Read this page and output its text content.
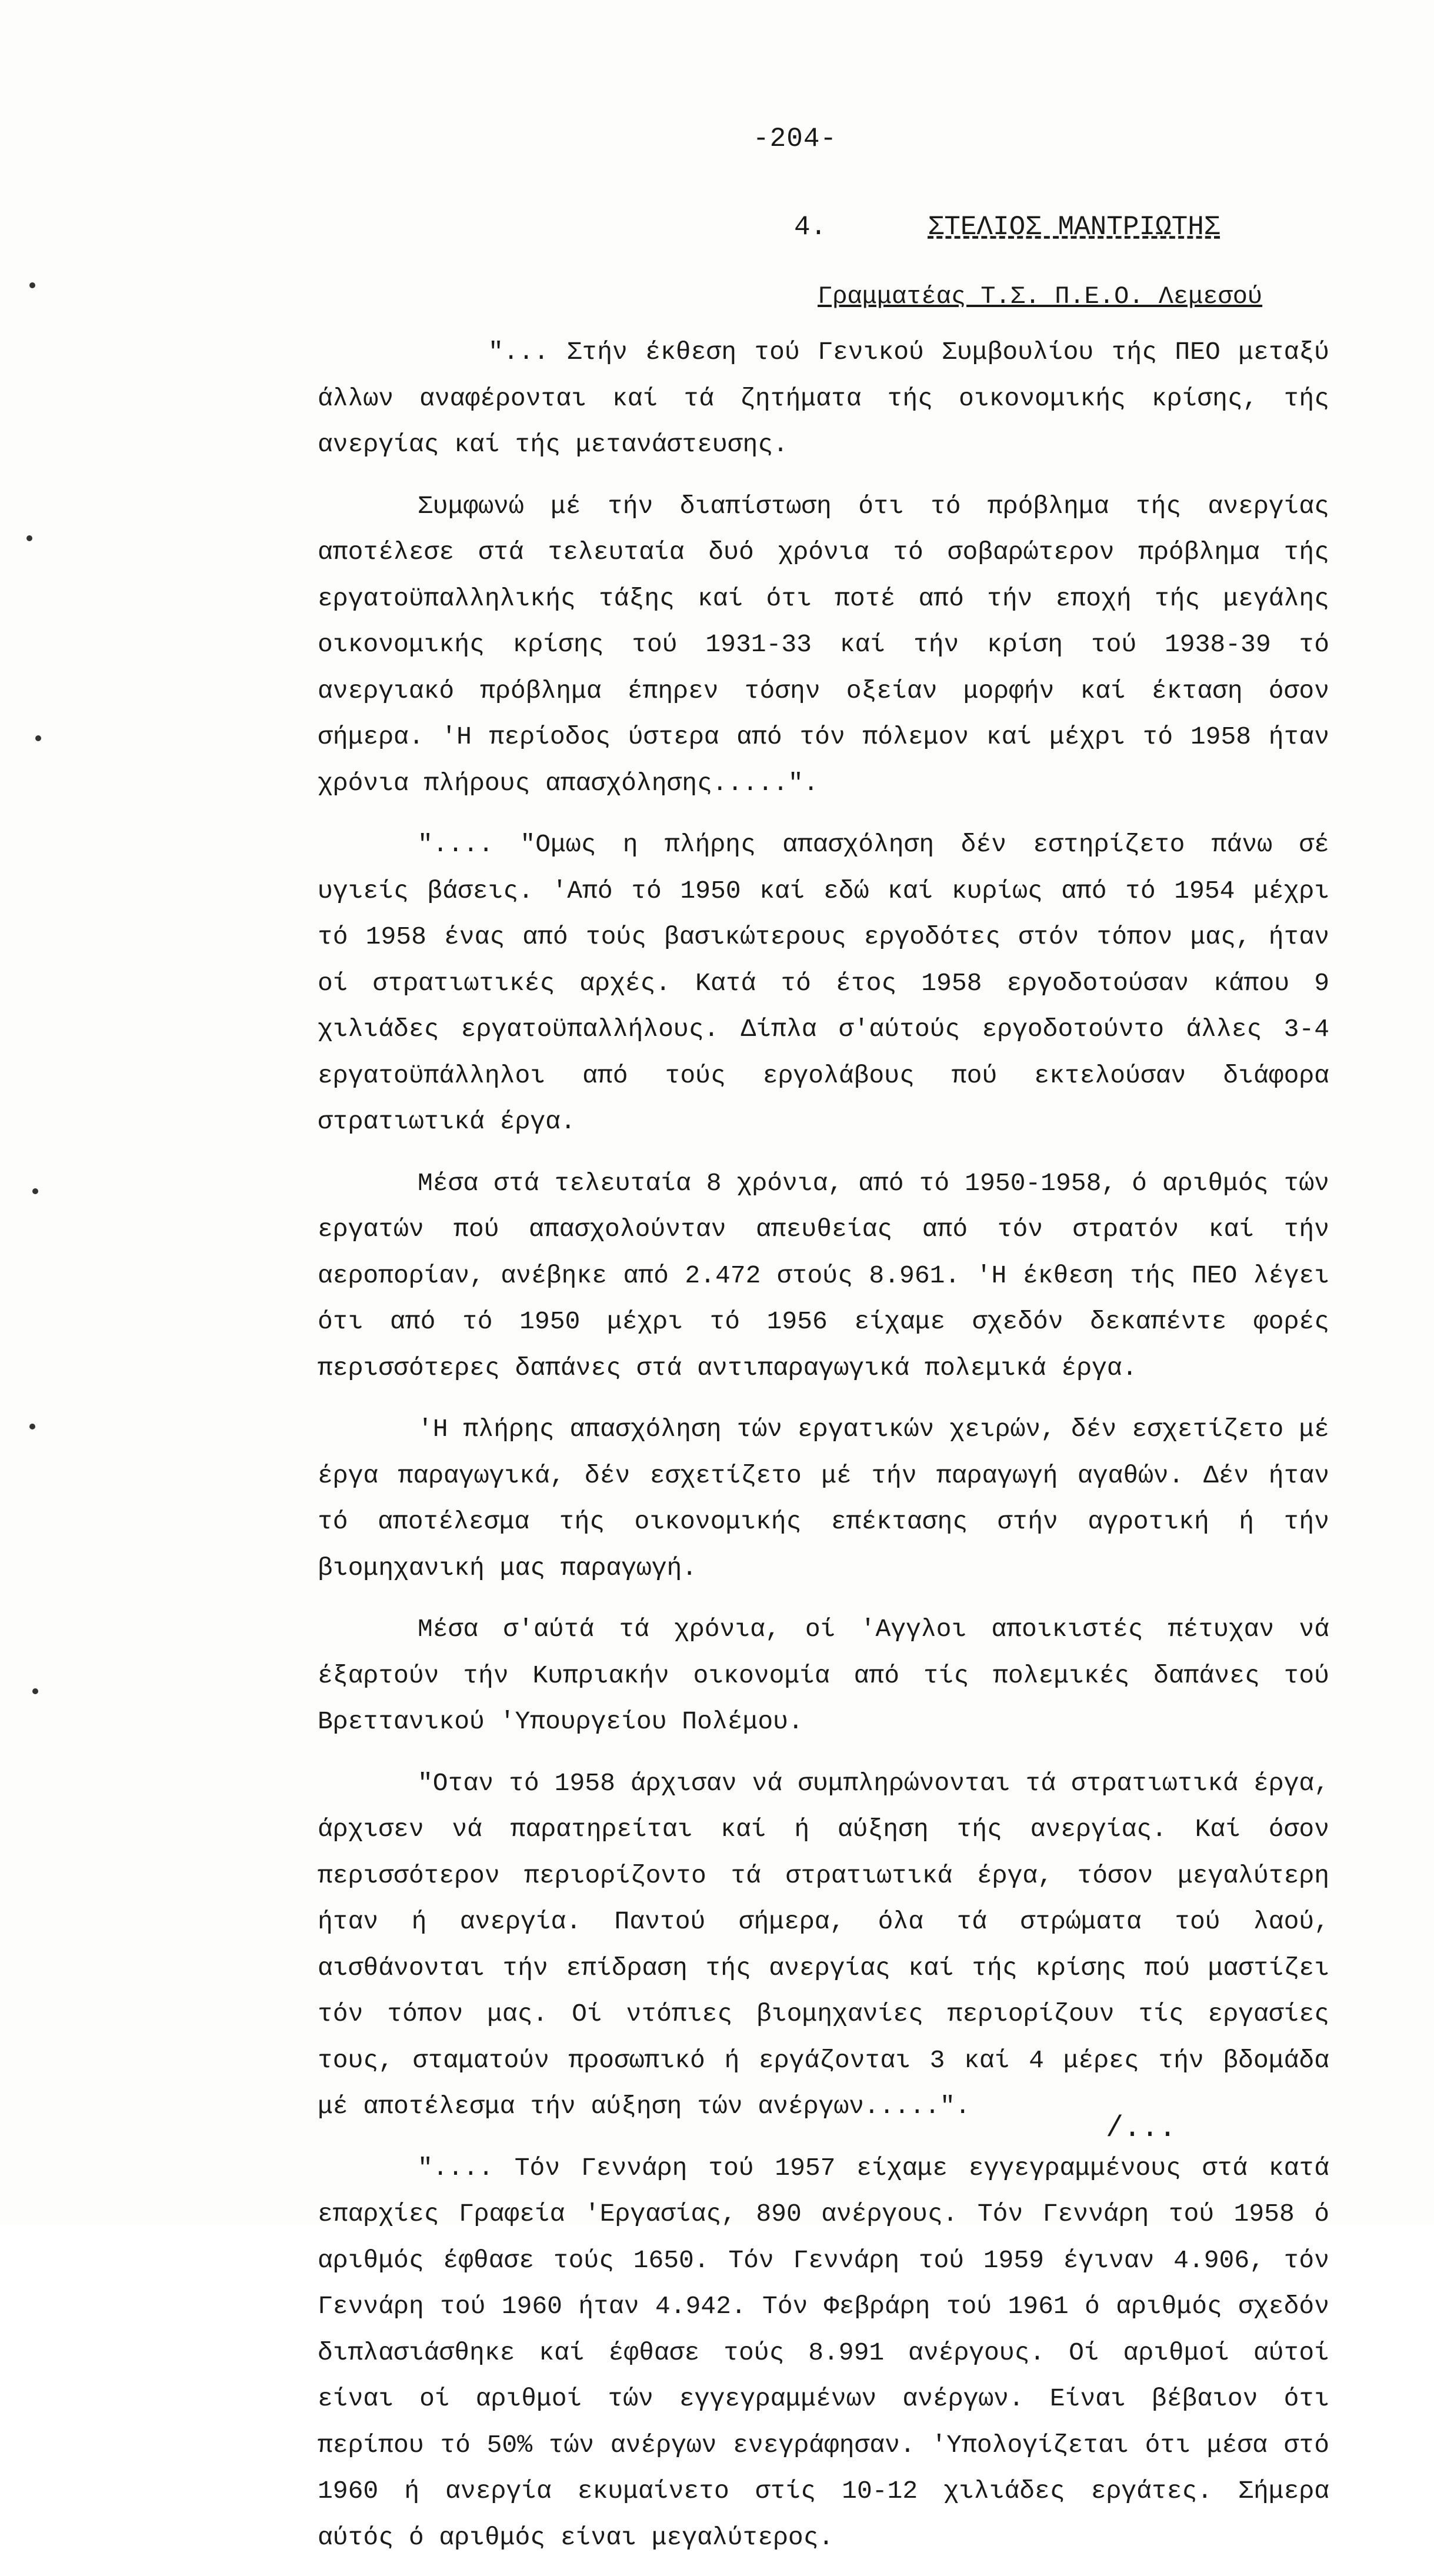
-204-
4.	ΣΤΕΛΙΟΣ ΜΑΝΤΡΙΩΤΗΣ
Γραμματέας Τ.Σ. Π.Ε.Ο. Λεμεσού

"... Στήν έκθεση τού Γενικού Συμβουλίου τής ΠΕΟ μεταξύ άλλων αναφέρονται καί τά ζητήματα τής οικονομικής κρίσης, τής ανεργίας καί τής μετανάστευσης.

Συμφωνώ μέ τήν διαπίστωση ότι τό πρόβλημα τής ανεργίας αποτέλεσε στά τελευταία δυό χρόνια τό σοβαρώτερον πρόβλημα τής εργατοϋπαλληλικής τάξης καί ότι ποτέ από τήν εποχή τής μεγάλης οικονομικής κρίσης τού 1931-33 καί τήν κρίση τού 1938-39 τό ανεργιακό πρόβλημα έπηρεν τόσην οξείαν μορφήν καί έκταση όσον σήμερα. 'Η περίοδος ύστερα από τόν πόλεμον καί μέχρι τό 1958 ήταν χρόνια πλήρους απασχόλησης.....".

".... "Ομως η πλήρης απασχόληση δέν εστηρίζετο πάνω σέ υγιείς βάσεις. 'Από τό 1950 καί εδώ καί κυρίως από τό 1954 μέχρι τό 1958 ένας από τούς βασικώτερους εργοδότες στόν τόπον μας, ήταν οί στρατιωτικές αρχές. Κατά τό έτος 1958 εργοδοτούσαν κάπου 9 χιλιάδες εργατοϋπαλλήλους. Δίπλα σ'αύτούς εργοδοτούντο άλλες 3-4 εργατοϋπάλληλοι από τούς εργολάβους πού εκτελούσαν διάφορα στρατιωτικά έργα.

Μέσα στά τελευταία 8 χρόνια, από τό 1950-1958, ό αριθμός τών εργατών πού απασχολούνταν απευθείας από τόν στρατόν καί τήν αεροπορίαν, ανέβηκε από 2.472 στούς 8.961. 'Η έκθεση τής ΠΕΟ λέγει ότι από τό 1950 μέχρι τό 1956 είχαμε σχεδόν δεκαπέντε φορές περισσότερες δαπάνες στά αντιπαραγωγικά πολεμικά έργα.

'Η πλήρης απασχόληση τών εργατικών χειρών, δέν εσχετίζετο μέ έργα παραγωγικά, δέν εσχετίζετο μέ τήν παραγωγή αγαθών. Δέν ήταν τό αποτέλεσμα τής οικονομικής επέκτασης στήν αγροτική ή τήν βιομηχανική μας παραγωγή.

Μέσα σ'αύτά τά χρόνια, οί 'Αγγλοι αποικιστές πέτυχαν νά έξαρτούν τήν Κυπριακήν οικονομία από τίς πολεμικές δαπάνες τού Βρεττανικού 'Υπουργείου Πολέμου.

"Οταν τό 1958 άρχισαν νά συμπληρώνονται τά στρατιωτικά έργα, άρχισεν νά παρατηρείται καί ή αύξηση τής ανεργίας. Καί όσον περισσότερον περιορίζοντο τά στρατιωτικά έργα, τόσον μεγαλύτερη ήταν ή ανεργία. Παντού σήμερα, όλα τά στρώματα τού λαού, αισθάνονται τήν επίδραση τής ανεργίας καί τής κρίσης πού μαστίζει τόν τόπον μας. Οί ντόπιες βιομηχανίες περιορίζουν τίς εργασίες τους, σταματούν προσωπικό ή εργάζονται 3 καί 4 μέρες τήν βδομάδα μέ αποτέλεσμα τήν αύξηση τών ανέργων.....".

".... Τόν Γεννάρη τού 1957 είχαμε εγγεγραμμένους στά κατά επαρχίες Γραφεία 'Εργασίας, 890 ανέργους. Τόν Γεννάρη τού 1958 ό αριθμός έφθασε τούς 1650. Τόν Γεννάρη τού 1959 έγιναν 4.906, τόν Γεννάρη τού 1960 ήταν 4.942. Τόν Φεβράρη τού 1961 ό αριθμός σχεδόν διπλασιάσθηκε καί έφθασε τούς 8.991 ανέργους. Οί αριθμοί αύτοί είναι οί αριθμοί τών εγγεγραμμένων ανέργων. Είναι βέβαιον ότι περίπου τό 50% τών ανέργων ενεγράφησαν. 'Υπολογίζεται ότι μέσα στό 1960 ή ανεργία εκυμαίνετο στίς 10-12 χιλιάδες εργάτες. Σήμερα αύτός ό αριθμός είναι μεγαλύτερος.

/...
